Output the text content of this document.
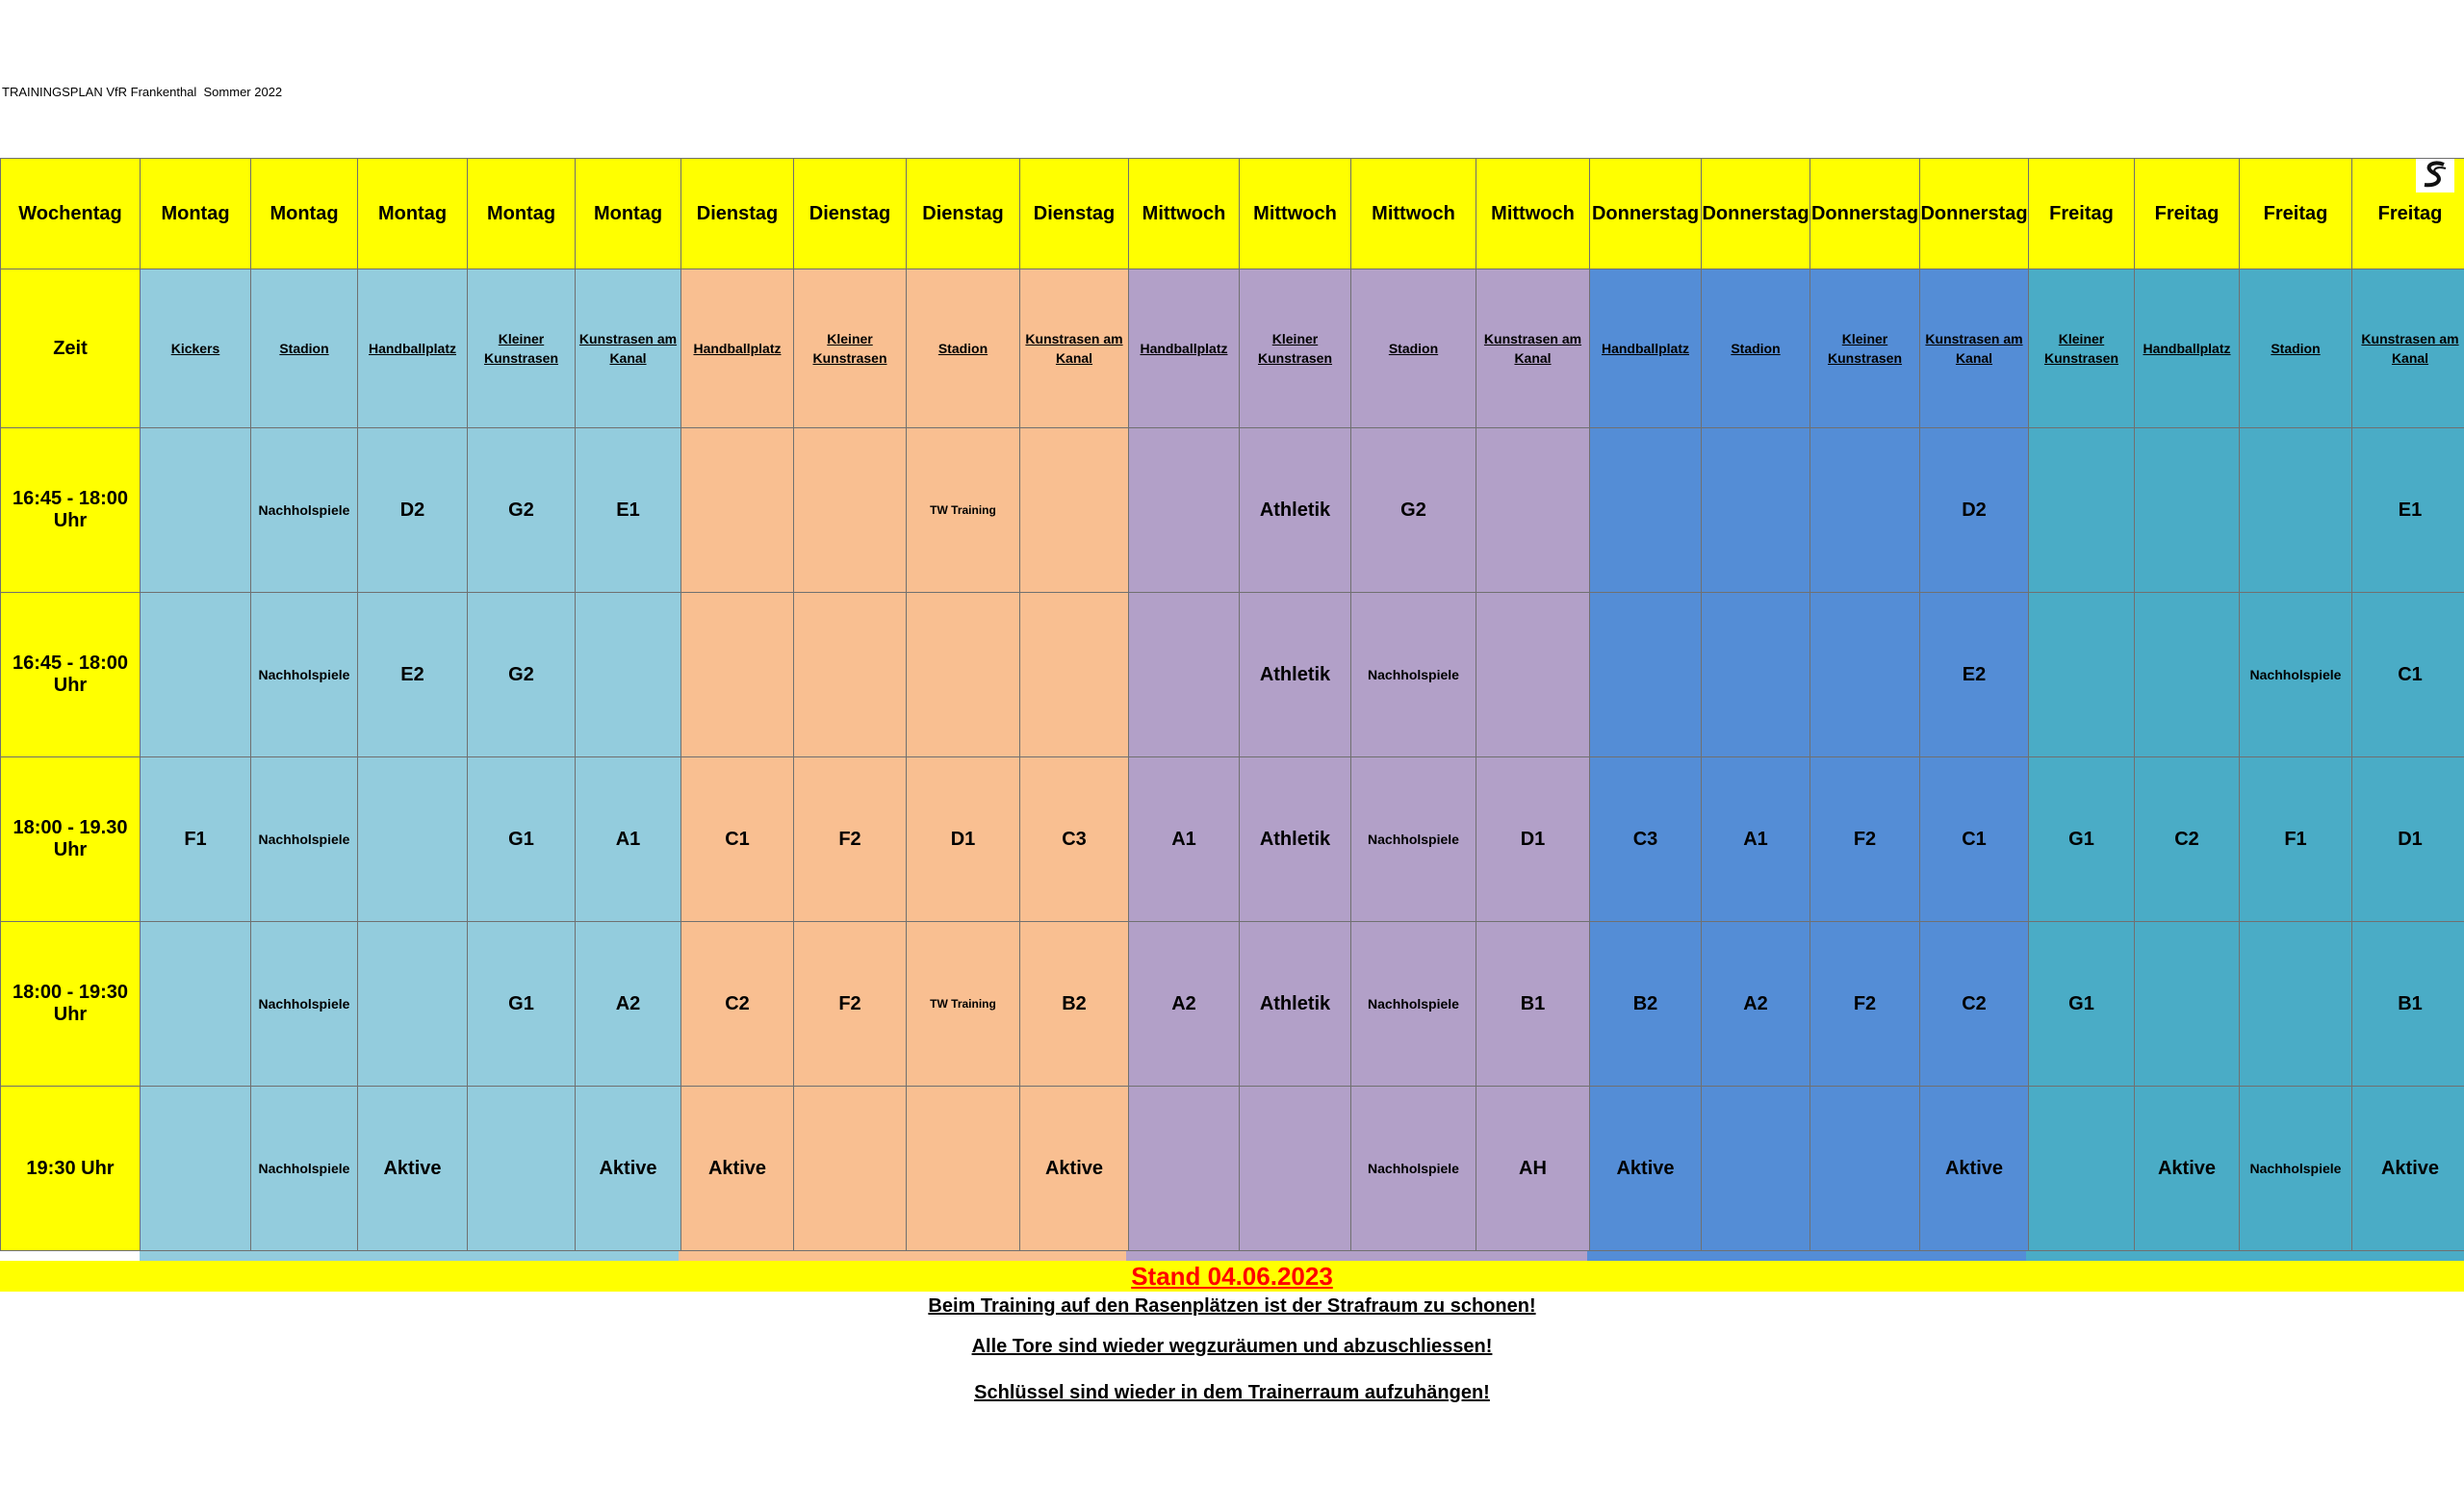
TRAININGSPLAN VfR Frankenthal  Sommer 2022
Wochentag	Montag	Montag	Montag	Montag	Montag	Dienstag	Dienstag	Dienstag	Dienstag	Mittwoch	Mittwoch	Mittwoch	Mittwoch	Donnerstag	Donnerstag	Donnerstag	Donnerstag	Freitag	Freitag	Freitag	Freitag
Zeit	Kickers	Stadion	Handballplatz	Kleiner Kunstrasen	Kunstrasen am Kanal	Handballplatz	Kleiner Kunstrasen	Stadion	Kunstrasen am Kanal	Handballplatz	Kleiner Kunstrasen	Stadion	Kunstrasen am Kanal	Handballplatz	Stadion	Kleiner Kunstrasen	Kunstrasen am Kanal	Kleiner Kunstrasen	Handballplatz	Stadion	Kunstrasen am Kanal
16:45 - 18:00 Uhr		Nachholspiele	D2	G2	E1			TW Training			Athletik	G2					D2				E1
16:45 - 18:00 Uhr		Nachholspiele	E2	G2							Athletik	Nachholspiele					E2			Nachholspiele	C1
18:00 - 19.30 Uhr	F1	Nachholspiele		G1	A1	C1	F2	D1	C3	A1	Athletik	Nachholspiele	D1	C3	A1	F2	C1	G1	C2	F1	D1
18:00 - 19:30 Uhr		Nachholspiele		G1	A2	C2	F2	TW Training	B2	A2	Athletik	Nachholspiele	B1	B2	A2	F2	C2	G1			B1
19:30 Uhr		Nachholspiele	Aktive		Aktive	Aktive			Aktive			Nachholspiele	AH	Aktive			Aktive		Aktive	Nachholspiele	Aktive
Stand 04.06.2023
Beim Training auf den Rasenplätzen ist der Strafraum zu schonen!
Alle Tore sind wieder wegzuräumen und abzuschliessen!
Schlüssel sind wieder in dem Trainerraum aufzuhängen!
